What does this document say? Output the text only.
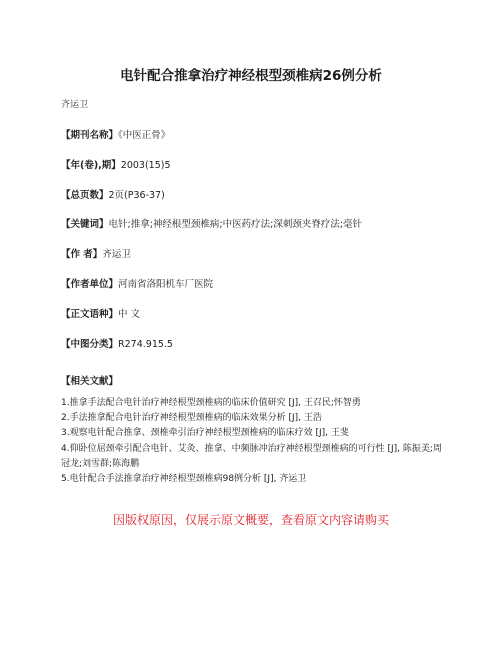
电针配合推拿治疗神经根型颈椎病26例分析
齐运卫
【期刊名称】《中医正骨》
【年(卷),期】2003(15)5
【总页数】2页(P36-37)
【关键词】电针;推拿;神经根型颈椎病;中医药疗法;深刺颈夹脊疗法;毫针
【作 者】齐运卫
【作者单位】河南省洛阳机车厂医院
【正文语种】中 文
【中图分类】R274.915.5
【相关文献】

1.推拿手法配合电针治疗神经根型颈椎病的临床价值研究 [J], 王召民;怀智勇

2.手法推拿配合电针治疗神经根型颈椎病的临床效果分析 [J], 王浩

3.观察电针配合推拿、颈椎牵引治疗神经根型颈椎病的临床疗效 [J], 王斐

4.仰卧位屈颈牵引配合电针、艾灸、推拿、中频脉冲治疗神经根型颈椎病的可行性 [J], 陈振美;周冠龙;刘雪群;陈海鹏

5.电针配合手法推拿治疗神经根型颈椎病98例分析 [J], 齐运卫

因版权原因，仅展示原文概要，查看原文内容请购买
